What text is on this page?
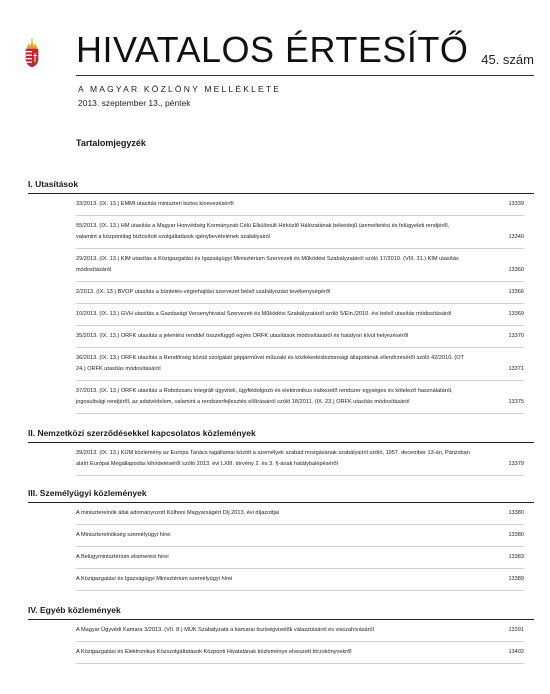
HIVATALOS ÉRTESÍTŐ 45. szám
A MAGYAR KÖZLÖNY MELLÉKLETE
2013. szeptember 13., péntek
Tartalomjegyzék
I. Utasítások
33/2013. (IX. 13.) EMMI utasítás miniszteri biztos kinevezéséről	13339
55/2013. (IX. 13.) HM utasítás a Magyar Honvédség Kormányzati Célú Elkülönült Hírközlő Hálózatának békeidejű üzemeltetési és felügyeleti rendjéről, valamint a központilag biztosított szolgáltatások igénybevételének szabályairól	13340
29/2013. (IX. 13.) KIM utasítás a Közigazgatási és Igazságügyi Minisztérium Szervezeti és Működési Szabályzatáról szóló 17/2010. (VIII. 31.) KIM utasítás módosításáról	13360
2/2013. (IX. 13.) BVOP utasítás a büntetés-végrehajtási szervezet belső szabályozási tevékenységéről	13366
10/2013. (IX. 13.) GVH utasítás a Gazdasági Versenyhivatal Szervezeti és Működési Szabályzatáról szóló 5/Eln./2010. évi belső utasítás módosításáról	13369
35/2013. (IX. 13.) ORFK utasítás a jelentési renddel összefüggő egyes ORFK utasítások módosításáról és hatályon kívül helyezéséről	13370
36/2013. (IX. 13.) ORFK utasítás a Rendőrség közúti szolgálati gépjárművei műszaki és közlekedésbiztonsági állapotának ellenőrzéséről szóló 42/2010. (OT 24.) ORFK utasítás módosításáról	13371
37/2013. (IX. 13.) ORFK utasítás a Robotzsaru integrált ügyviteli, ügyfeldolgozó és elektronikus iratkezelő rendszer egységes és kötelező használatáról, jogosultsági rendjéről, az adatvédelem, valamint a rendszerfejlesztés előírásairól szóló 18/2011. (IX. 23.) ORFK utasítás módosításáról	13375
II. Nemzetközi szerződésekkel kapcsolatos közlemények
39/2013. (IX. 13.) KÜM közlemény az Európa Tanács tagállamai között a személyek szabad mozgásának szabályairól szóló, 1957. december 13-án, Párizsban aláírt Európai Megállapodás kihirdetéséről szóló 2013. évi LXIII. törvény 2. és 3. §-ának hatálybalépéséről	13379
III. Személyügyi közlemények
A miniszterelnök által adományozott Külhoni Magyarságért Díj 2013. évi díjazottjai	13380
A Miniszterelnökség személyügyi hírei	13380
A Belügyminisztérium elismerési hírei	13383
A Közigazgatási és Igazságügyi Minisztérium személyügyi hírei	13389
IV. Egyéb közlemények
A Magyar Ügyvédi Kamara 3/2013. (VII. 8.) MÜK Szabályzata a kamarai tisztségviselők választásáról és visszahívásáról	13391
A Közigazgatási és Elektronikus Közszolgáltatások Központi Hivatalának közleménye elveszett törzskönyvekről	13402
